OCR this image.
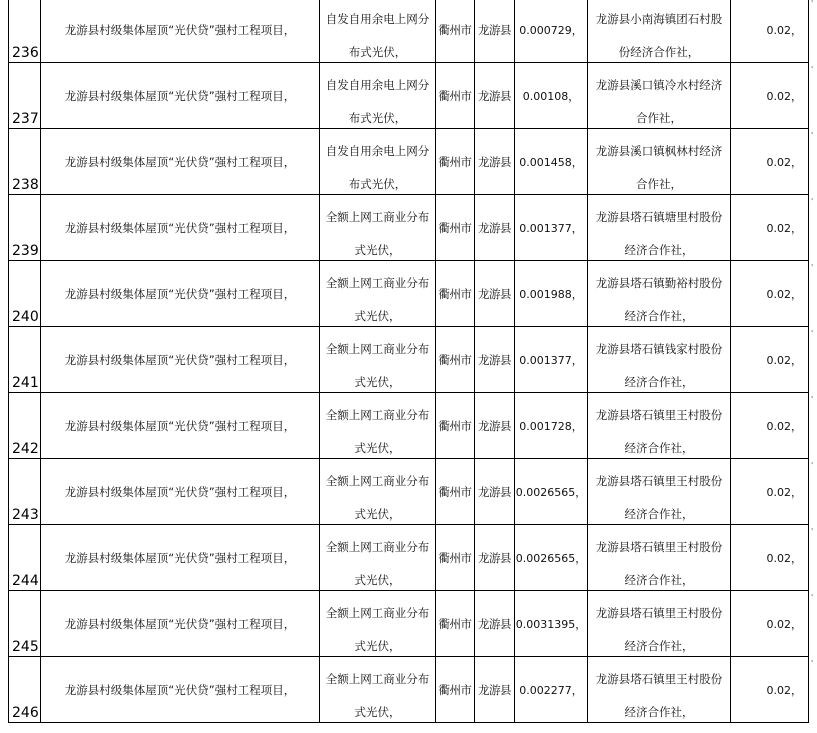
236
龙游县村级集体屋顶“光伏贷”强村工程项目，
自发自用余电上网分
布式光伏，
衢州市 龙游县 0.000729，
龙游县小南海镇团石村股
份经济合作社，
0.02，
'
237
龙游县村级集体屋顶“光伏贷”强村工程项目，
自发自用余电上网分
布式光伏，
衢州市 龙游县	0.00108，
龙游县溪口镇冷水村经济
合作社，
0.02，
'
238
龙游县村级集体屋顶“光伏贷”强村工程项目，
自发自用余电上网分
布式光伏，
衢州市 龙游县 0.001458，
龙游县溪口镇枫林村经济
合作社，
0.02，
'
239
龙游县村级集体屋顶“光伏贷”强村工程项目，
全额上网工商业分布
式光伏，
衢州市 龙游县 0.001377，
龙游县塔石镇塘里村股份
经济合作社，
0.02，
'
240
龙游县村级集体屋顶“光伏贷”强村工程项目，
全额上网工商业分布
式光伏，
衢州市 龙游县 0.001988，
龙游县塔石镇勤裕村股份
经济合作社，
0.02，
'
241
龙游县村级集体屋顶“光伏贷”强村工程项目，
全额上网工商业分布
式光伏，
衢州市 龙游县 0.001377，
龙游县塔石镇钱家村股份
经济合作社，
0.02，
'
242
龙游县村级集体屋顶“光伏贷”强村工程项目，
全额上网工商业分布
式光伏，
衢州市 龙游县 0.001728，
龙游县塔石镇里王村股份
经济合作社，
0.02，
'
243
龙游县村级集体屋顶“光伏贷”强村工程项目，
全额上网工商业分布
式光伏，
衢州市 龙游县 0.0026565，
龙游县塔石镇里王村股份
经济合作社，
0.02，
'
244
龙游县村级集体屋顶“光伏贷”强村工程项目，
全额上网工商业分布
式光伏，
衢州市 龙游县 0.0026565，
龙游县塔石镇里王村股份
经济合作社，
0.02，
'
245
龙游县村级集体屋顶“光伏贷”强村工程项目，
全额上网工商业分布
式光伏，
衢州市 龙游县 0.0031395，
龙游县塔石镇里王村股份
经济合作社，
0.02，
'
246
龙游县村级集体屋顶“光伏贷”强村工程项目，
全额上网工商业分布
式光伏，
衢州市 龙游县 0.002277，
龙游县塔石镇里王村股份
经济合作社，
0.02，
'
